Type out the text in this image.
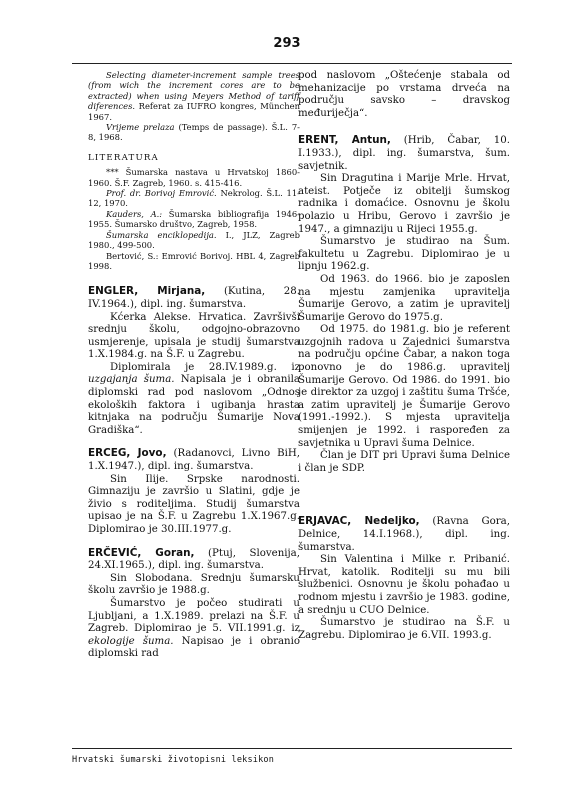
293

Selecting diameter-increment sample trees (from wich the increment cores are to be extracted) when using Meyers Method of tariff diferences. Referat za IUFRO kongres, München 1967.

Vrijeme prelaza (Temps de passage). Š.L. 7-8, 1968.

LITERATURA

*** Šumarska nastava u Hrvatskoj 1860-1960. Š.F. Zagreb, 1960. s. 415-416.

Prof. dr. Borivoj Emrović. Nekrolog. Š.L. 11-12, 1970.

Kauders, A.: Šumarska bibliografija 1946-1955. Šumarsko društvo, Zagreb, 1958.

Šumarska enciklopedija. I., JLZ, Zagreb 1980., 499-500.

Bertović, S.: Emrović Borivoj. HBL 4, Zagreb 1998.

ENGLER, Mirjana, (Kutina, 28. IV.1964.), dipl. ing. šumarstva.

Kćerka Alekse. Hrvatica. Završivši srednju školu, odgojno-obrazovno usmjerenje, upisala je studij šumarstva 1.X.1984.g. na Š.F. u Zagrebu.

Diplomirala je 28.IV.1989.g. iz uzgajanja šuma. Napisala je i obranila diplomski rad pod naslovom „Odnos ekoloških faktora i ugibanja hrasta kitnjaka na području Šumarije Nova Gradiška“.

ERCEG, Jovo, (Radanovci, Livno BiH, 1.X.1947.), dipl. ing. šumarstva.

Sin Ilije. Srpske narodnosti. Gimnaziju je završio u Slatini, gdje je živio s roditeljima. Studij šumarstva upisao je na Š.F. u Zagrebu 1.X.1967.g. Diplomirao je 30.III.1977.g.

ERČEVIĆ, Goran, (Ptuj, Slovenija, 24.XI.1965.), dipl. ing. šumarstva.

Sin Slobodana. Srednju šumarsku školu završio je 1988.g.

Šumarstvo je počeo studirati u Ljubljani, a 1.X.1989. prelazi na Š.F. u Zagreb. Diplomirao je 5. VII.1991.g. iz ekologije šuma. Napisao je i obranio diplomski rad

pod naslovom „Oštećenje stabala od mehanizacije po vrstama drveća na području savsko – dravskog međuriječja“.

ERENT, Antun, (Hrib, Čabar, 10. I.1933.), dipl. ing. šumarstva, šum. savjetnik.

Sin Dragutina i Marije Mrle. Hrvat, ateist. Potječe iz obitelji šumskog radnika i domaćice. Osnovnu je školu polazio u Hribu, Gerovo i završio je 1947., a gimnaziju u Rijeci 1955.g.

Šumarstvo je studirao na Šum. fakultetu u Zagrebu. Diplomirao je u lipnju 1962.g.

Od 1963. do 1966. bio je zaposlen na mjestu zamjenika upravitelja Šumarije Gerovo, a zatim je upravitelj Šumarije Gerovo do 1975.g.

Od 1975. do 1981.g. bio je referent uzgojnih radova u Zajednici šumarstva na području općine Čabar, a nakon toga ponovno je do 1986.g. upravitelj Šumarije Gerovo. Od 1986. do 1991. bio je direktor za uzgoj i zaštitu šuma Tršće, a zatim upravitelj je Šumarije Gerovo (1991.-1992.). S mjesta upravitelja smijenjen je 1992. i raspoređen za savjetnika u Upravi šuma Delnice.

Član je DIT pri Upravi šuma Delnice i član je SDP.

ERJAVAC, Nedeljko, (Ravna Gora, Delnice, 14.I.1968.), dipl. ing. šumarstva.

Sin Valentina i Milke r. Pribanić. Hrvat, katolik. Roditelji su mu bili službenici. Osnovnu je školu pohađao u rodnom mjestu i završio je 1983. godine, a srednju u CUO Delnice.

Šumarstvo je studirao na Š.F. u Zagrebu. Diplomirao je 6.VII. 1993.g.

Hrvatski šumarski životopisni leksikon
